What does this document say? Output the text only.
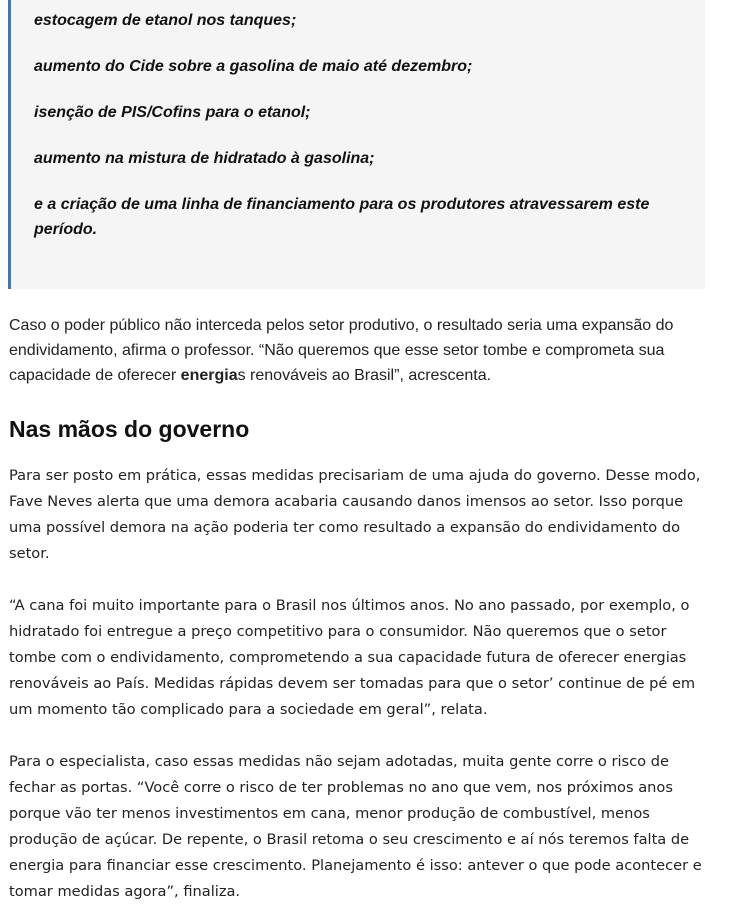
estocagem de etanol nos tanques;

aumento do Cide sobre a gasolina de maio até dezembro;

isenção de PIS/Cofins para o etanol;

aumento na mistura de hidratado à gasolina;

e a criação de uma linha de financiamento para os produtores atravessarem este período.

Caso o poder público não interceda pelos setor produtivo, o resultado seria uma expansão do endividamento, afirma o professor. “Não queremos que esse setor tombe e comprometa sua capacidade de oferecer energias renováveis ao Brasil”, acrescenta.

Nas mãos do governo

Para ser posto em prática, essas medidas precisariam de uma ajuda do governo. Desse modo, Fave Neves alerta que uma demora acabaria causando danos imensos ao setor. Isso porque uma possível demora na ação poderia ter como resultado a expansão do endividamento do setor.

“A cana foi muito importante para o Brasil nos últimos anos. No ano passado, por exemplo, o hidratado foi entregue a preço competitivo para o consumidor. Não queremos que o setor tombe com o endividamento, comprometendo a sua capacidade futura de oferecer energias renováveis ao País. Medidas rápidas devem ser tomadas para que o setor’ continue de pé em um momento tão complicado para a sociedade em geral”, relata.

Para o especialista, caso essas medidas não sejam adotadas, muita gente corre o risco de fechar as portas. “Você corre o risco de ter problemas no ano que vem, nos próximos anos porque vão ter menos investimentos em cana, menor produção de combustível, menos produção de açúcar. De repente, o Brasil retoma o seu crescimento e aí nós teremos falta de energia para financiar esse crescimento. Planejamento é isso: antever o que pode acontecer e tomar medidas agora”, finaliza.
